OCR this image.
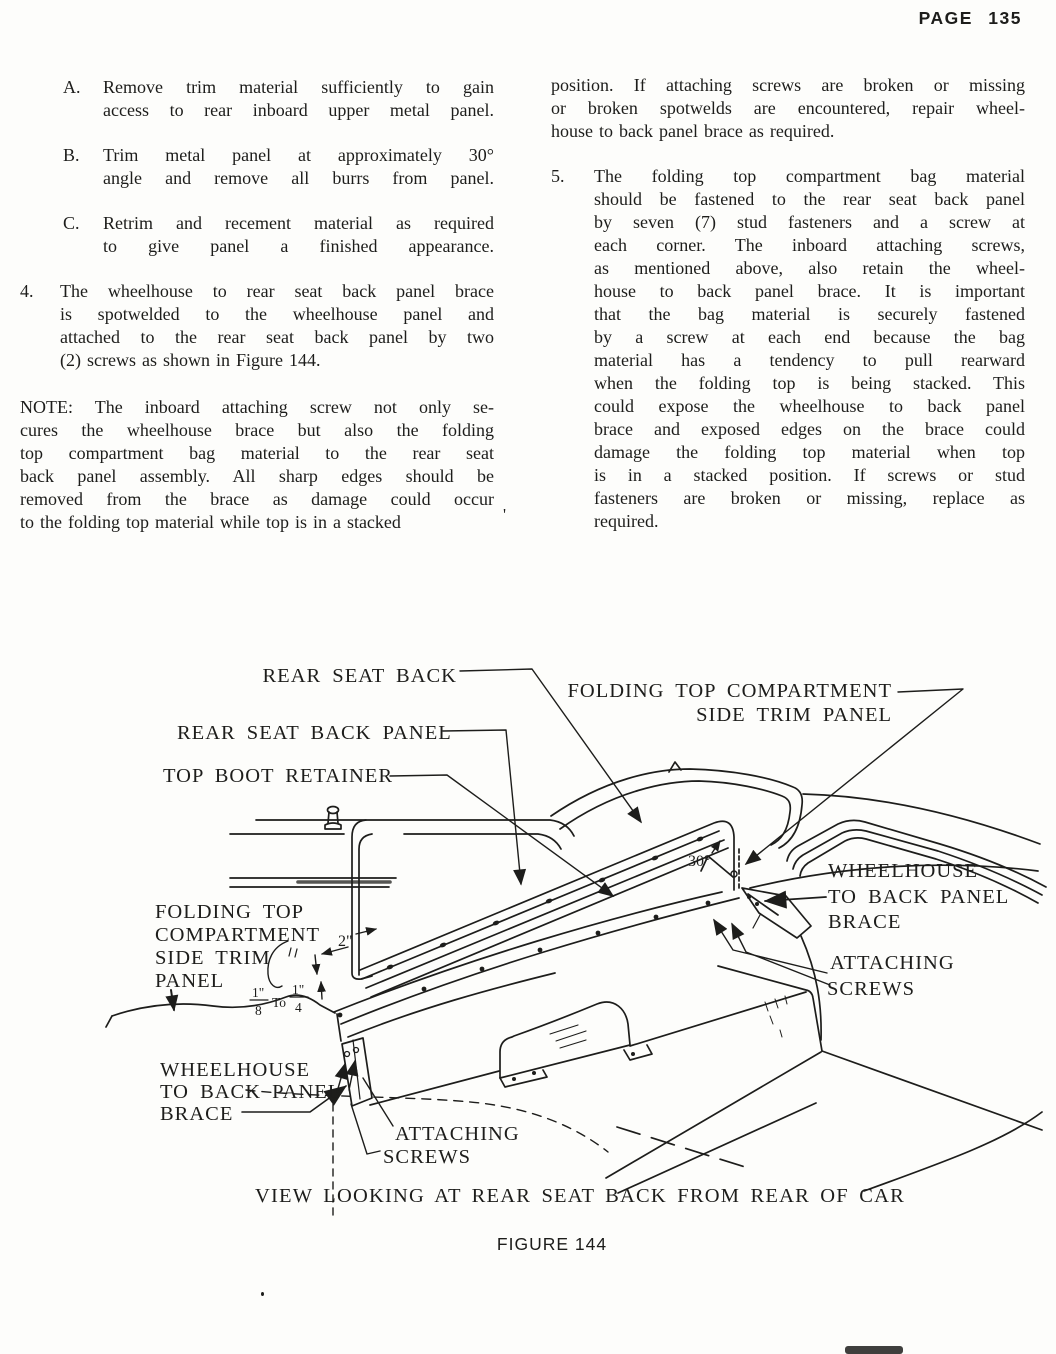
PAGE 135
A.	Remove trim material sufficiently to gain
access to rear inboard upper metal panel.
B.	Trim metal panel at approximately 30°
angle and remove all burrs from panel.
C.	Retrim and recement material as required
to give panel a finished appearance.
4.	The wheelhouse to rear seat back panel brace
is spotwelded to the wheelhouse panel and
attached to the rear seat back panel by two
(2) screws as shown in Figure 144.
NOTE: The inboard attaching screw not only se-
cures the wheelhouse brace but also the folding
top compartment bag material to the rear seat
back panel assembly. All sharp edges should be
removed from the brace as damage could occur
to the folding top material while top is in a stacked	'
position. If attaching screws are broken or missing
or broken spotwelds are encountered, repair wheel-
house to back panel brace as required.
5.	The folding top compartment bag material
should be fastened to the rear seat back panel
by seven (7) stud fasteners and a screw at
each corner. The inboard attaching screws,
as mentioned above, also retain the wheel-
house to back panel brace. It is important
that the bag material is securely fastened
by a screw at each end because the bag
material has a tendency to pull rearward
when the folding top is being stacked. This
could expose the wheelhouse to back panel
brace and exposed edges on the brace could
damage the folding top material when top
is in a stacked position. If screws or stud
fasteners are broken or missing, replace as
required.
REAR SEAT BACK
FOLDING TOP COMPARTMENT
SIDE TRIM PANEL
REAR SEAT BACK PANEL
TOP BOOT RETAINER
FOLDING TOP
COMPARTMENT
SIDE TRIM
PANEL
WHEELHOUSE
TO BACK PANEL
BRACE
ATTACHING
SCREWS
WHEELHOUSE
TO BACK PANEL
BRACE
ATTACHING
SCREWS
30°
2"
1"
8
To
1"
4
VIEW LOOKING AT REAR SEAT BACK FROM REAR OF CAR
FIGURE 144
